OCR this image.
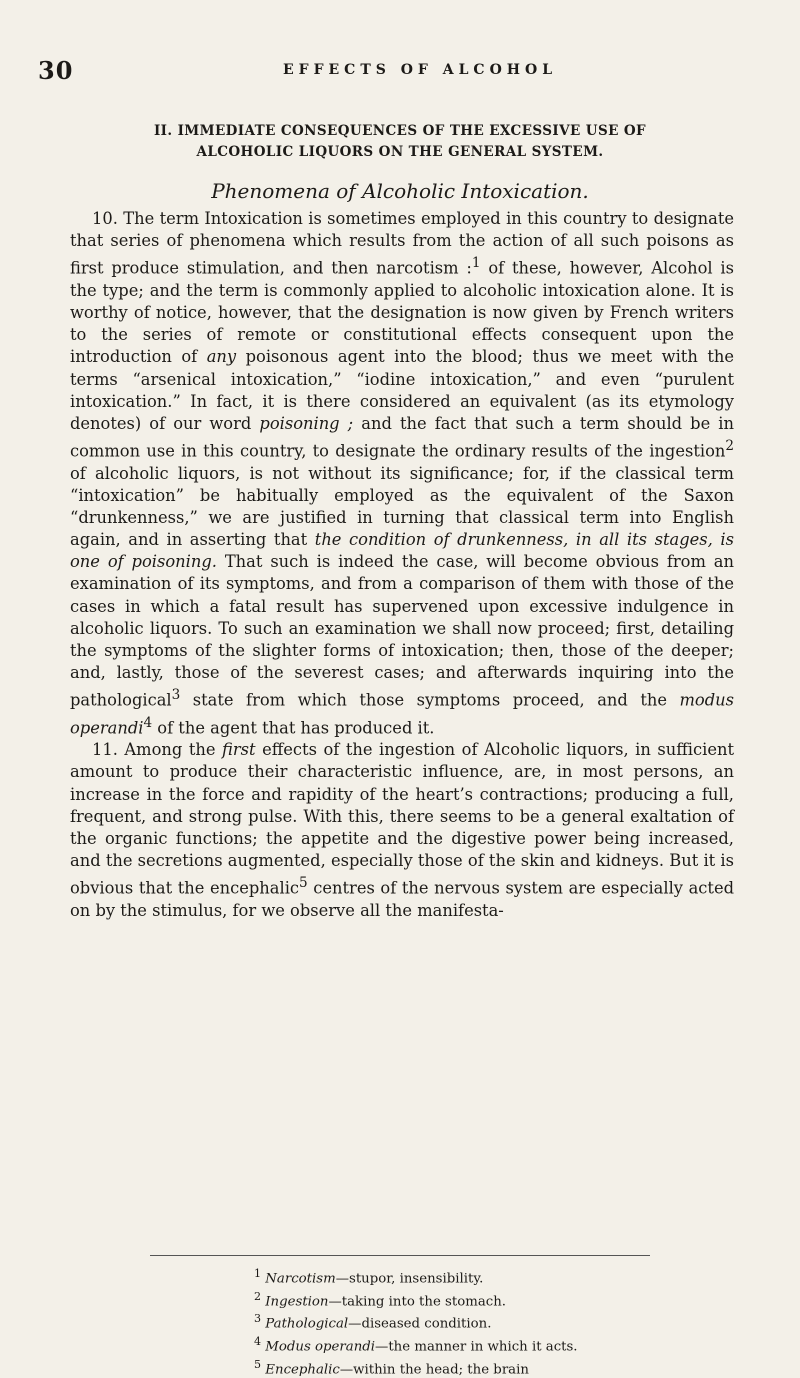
30	EFFECTS OF ALCOHOL
II. IMMEDIATE CONSEQUENCES OF THE EXCESSIVE USE OF
ALCOHOLIC LIQUORS ON THE GENERAL SYSTEM.
Phenomena of Alcoholic Intoxication.

10. The term Intoxication is sometimes employed in this country to designate that series of phenomena which results from the action of all such poisons as first produce stimulation, and then narcotism :$^1$ of these, however, Alcohol is the type; and the term is commonly applied to alcoholic intoxication alone. It is worthy of notice, however, that the designation is now given by French writers to the series of remote or constitutional effects consequent upon the introduction of any poisonous agent into the blood; thus we meet with the terms “arsenical intoxication,” “iodine intoxication,” and even “purulent intoxication.” In fact, it is there considered an equivalent (as its etymology denotes) of our word poisoning ; and the fact that such a term should be in common use in this country, to designate the ordinary results of the ingestion$^2$ of alcoholic liquors, is not without its significance; for, if the classical term “intoxication” be habitually employed as the equivalent of the Saxon “drunkenness,” we are justified in turning that classical term into English again, and in asserting that the condition of drunkenness, in all its stages, is one of poisoning. That such is indeed the case, will become obvious from an examination of its symptoms, and from a comparison of them with those of the cases in which a fatal result has supervened upon excessive indulgence in alcoholic liquors. To such an examination we shall now proceed; first, detailing the symptoms of the slighter forms of intoxication; then, those of the deeper; and, lastly, those of the severest cases; and afterwards inquiring into the pathological$^3$ state from which those symptoms proceed, and the modus operandi$^4$ of the agent that has produced it.

11. Among the first effects of the ingestion of Alcoholic liquors, in sufficient amount to produce their characteristic influence, are, in most persons, an increase in the force and rapidity of the heart’s contractions; producing a full, frequent, and strong pulse. With this, there seems to be a general exaltation of the organic functions; the appetite and the digestive power being increased, and the secretions augmented, especially those of the skin and kidneys. But it is obvious that the encephalic$^5$ centres of the nervous system are especially acted on by the stimulus, for we observe all the manifesta-

$^1$ Narcotism—stupor, insensibility.
$^2$ Ingestion—taking into the stomach.
$^3$ Pathological—diseased condition.
$^4$ Modus operandi—the manner in which it acts.
$^5$ Encephalic—within the head; the brain
